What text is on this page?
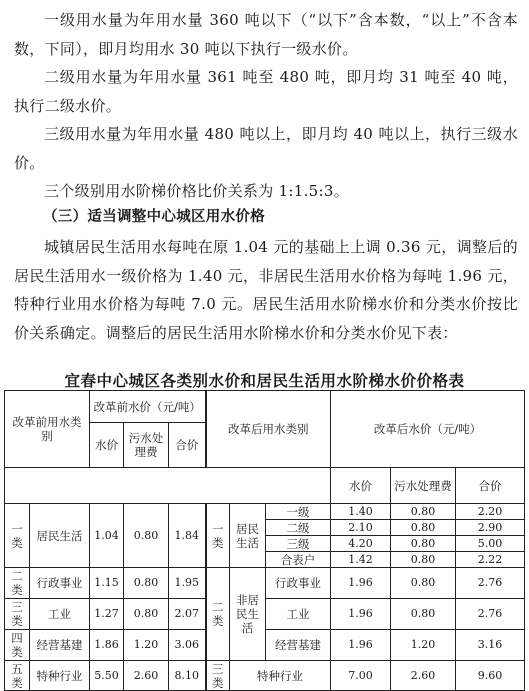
一级用水量为年用水量 360 吨以下（“以下”含本数，“以上”不含本数，下同），即月均用水 30 吨以下执行一级水价。

二级用水量为年用水量 361 吨至 480 吨，即月均 31 吨至 40 吨，执行二级水价。

三级用水量为年用水量 480 吨以上，即月均 40 吨以上，执行三级水价。

三个级别用水阶梯价格比价关系为 1:1.5:3。

（三）适当调整中心城区用水价格

城镇居民生活用水每吨在原 1.04 元的基础上上调 0.36 元，调整后的居民生活用水一级价格为 1.40 元，非居民生活用水价格为每吨 1.96 元，特种行业用水价格为每吨 7.0 元。居民生活用水阶梯水价和分类水价按比价关系确定。调整后的居民生活用水阶梯水价和分类水价见下表：

宜春中心城区各类别水价和居民生活用水阶梯水价价格表
改革前用水类别		改革前水价（元/吨）			改革后用水类别			改革后水价（元/吨）		
		水价	污水处理费	合价						
								水价	污水处理费	合价
一类	居民生活	1.04	0.80	1.84	一类	居民生活	一级	1.40	0.80	2.20
							二级	2.10	0.80	2.90
							三级	4.20	0.80	5.00
							合表户	1.42	0.80	2.22
二类	行政事业	1.15	0.80	1.95	二类	非居民生活	行政事业	1.96	0.80	2.76
三类	工业	1.27	0.80	2.07			工业	1.96	0.80	2.76
四类	经营基建	1.86	1.20	3.06			经营基建	1.96	1.20	3.16
五类	特种行业	5.50	2.60	8.10	三类	特种行业		7.00	2.60	9.60
